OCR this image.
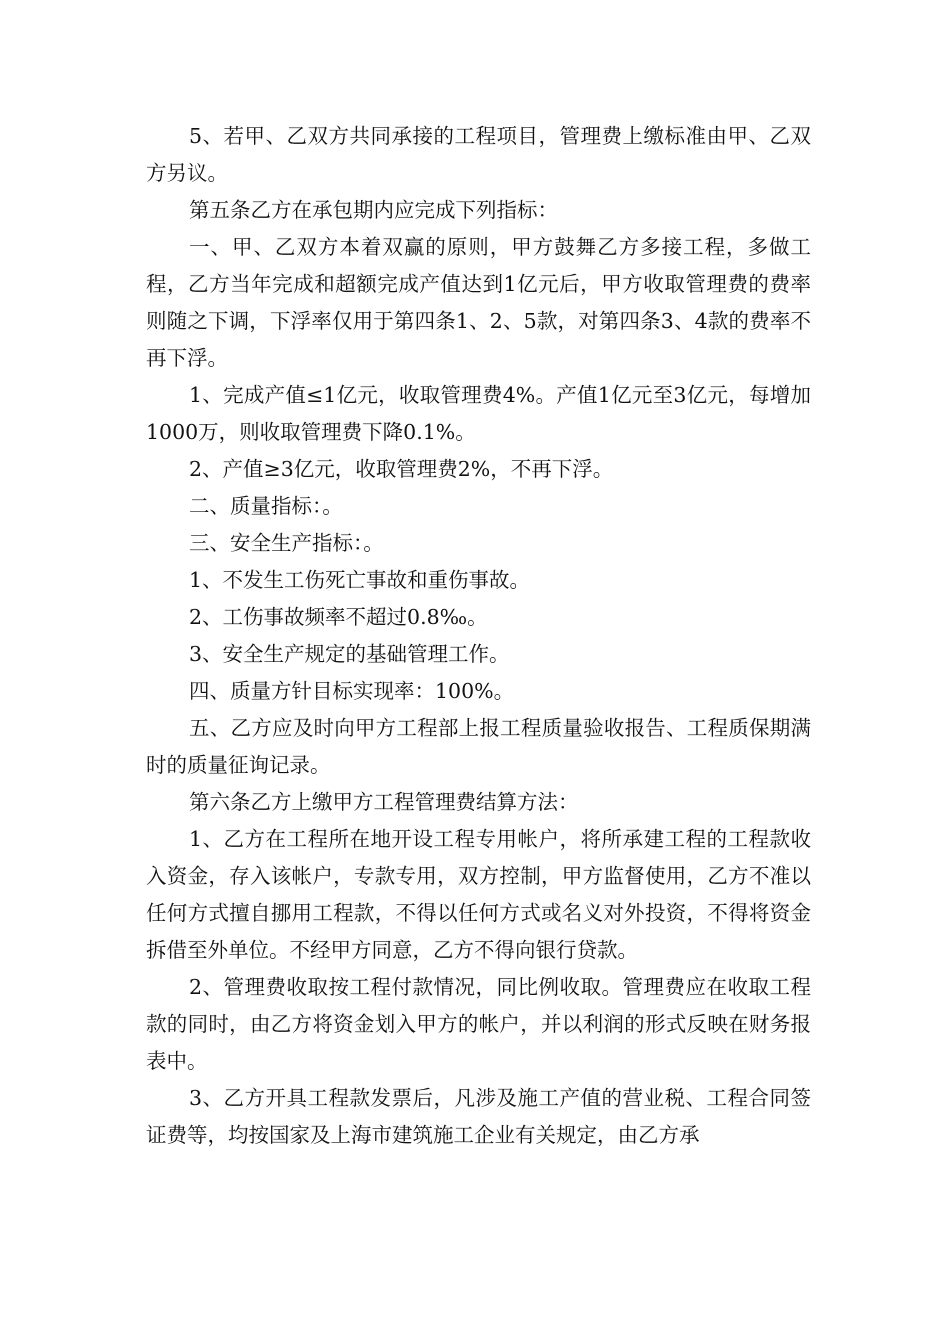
5、若甲、乙双方共同承接的工程项目，管理费上缴标准由甲、乙双方另议。

第五条乙方在承包期内应完成下列指标：

一、甲、乙双方本着双赢的原则，甲方鼓舞乙方多接工程，多做工程，乙方当年完成和超额完成产值达到1亿元后，甲方收取管理费的费率则随之下调，下浮率仅用于第四条1、2、5款，对第四条3、4款的费率不再下浮。

1、完成产值≤1亿元，收取管理费4%。产值1亿元至3亿元，每增加1000万，则收取管理费下降0.1%。

2、产值≥3亿元，收取管理费2%，不再下浮。

二、质量指标：。

三、安全生产指标：。

1、不发生工伤死亡事故和重伤事故。

2、工伤事故频率不超过0.8‰。

3、安全生产规定的基础管理工作。

四、质量方针目标实现率：100%。

五、乙方应及时向甲方工程部上报工程质量验收报告、工程质保期满时的质量征询记录。

第六条乙方上缴甲方工程管理费结算方法：

1、乙方在工程所在地开设工程专用帐户，将所承建工程的工程款收入资金，存入该帐户，专款专用，双方控制，甲方监督使用，乙方不准以任何方式擅自挪用工程款，不得以任何方式或名义对外投资，不得将资金拆借至外单位。不经甲方同意，乙方不得向银行贷款。

2、管理费收取按工程付款情况，同比例收取。管理费应在收取工程款的同时，由乙方将资金划入甲方的帐户，并以利润的形式反映在财务报表中。

3、乙方开具工程款发票后，凡涉及施工产值的营业税、工程合同签证费等，均按国家及上海市建筑施工企业有关规定，由乙方承
